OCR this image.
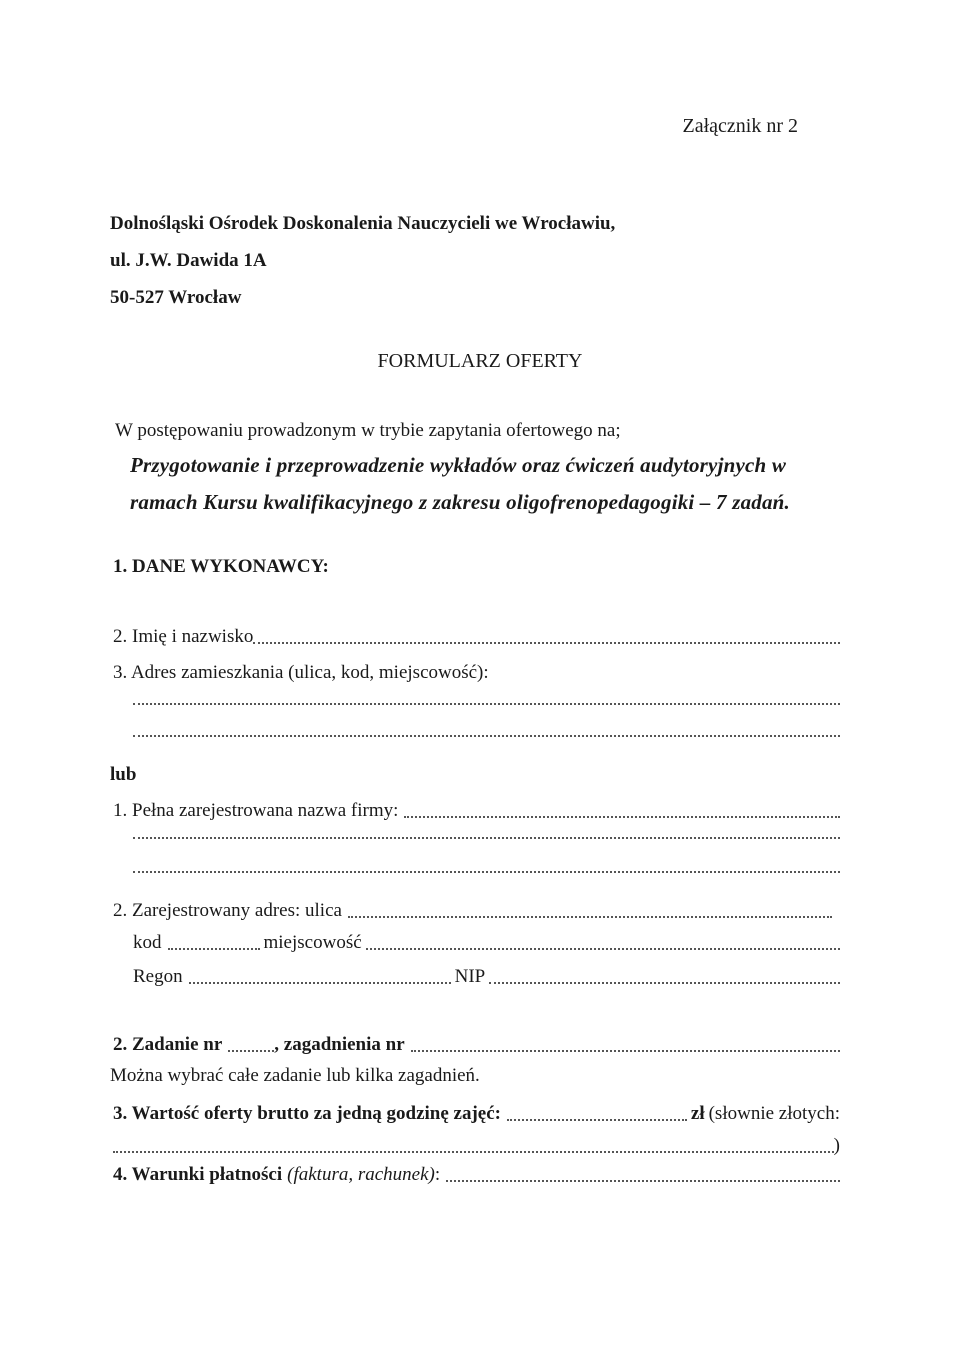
Załącznik nr 2
Dolnośląski Ośrodek Doskonalenia Nauczycieli we Wrocławiu,
ul. J.W. Dawida 1A
50-527 Wrocław
FORMULARZ OFERTY
W postępowaniu prowadzonym w trybie zapytania ofertowego na;
Przygotowanie i przeprowadzenie wykładów oraz ćwiczeń audytoryjnych w
ramach Kursu kwalifikacyjnego z zakresu oligofrenopedagogiki – 7 zadań.
1. DANE WYKONAWCY:
2. Imię i nazwisko
3. Adres zamieszkania (ulica, kod, miejscowość):
lub
1. Pełna zarejestrowana nazwa firmy:
2. Zarejestrowany adres: ulica
kod	miejscowość
Regon	NIP
2. Zadanie nr	, zagadnienia nr
Można wybrać całe zadanie lub kilka zagadnień.
3. Wartość oferty brutto za jedną godzinę zajęć:	zł (słownie złotych:
)
4. Warunki płatności (faktura, rachunek) :
